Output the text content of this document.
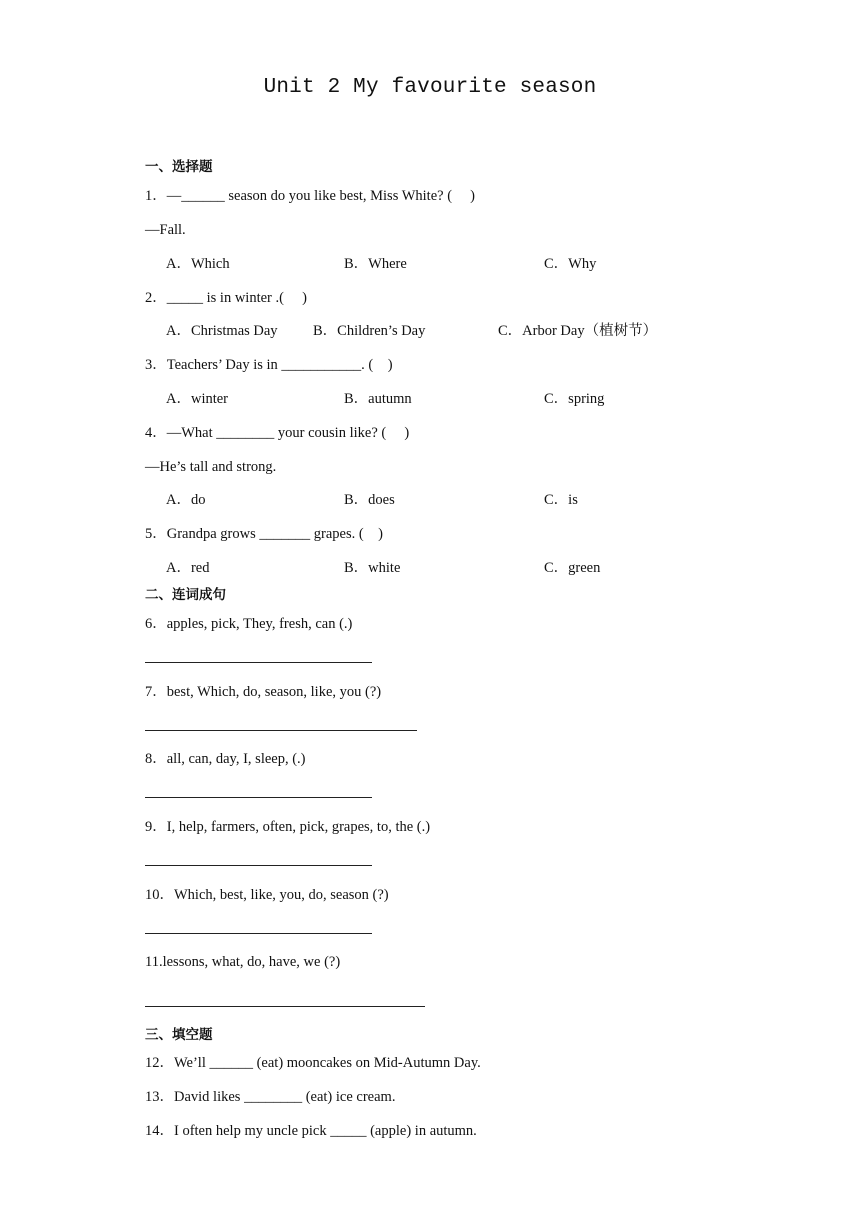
Unit 2 My favourite season
一、选择题
1．—______ season do you like best, Miss White? (　 )
—Fall.
A．Which	B．Where	C．Why
2．_____ is in winter .(　 )
A．Christmas Day B．Children’s Day	C．Arbor Day（植树节）
3．Teachers’ Day is in ___________. (　)
A．winter	B．autumn	C．spring
4．—What ________ your cousin like? (　 )
—He’s tall and strong.
A．do	B．does	C．is
5．Grandpa grows _______ grapes. (　)
A．red	B．white	C．green
二、连词成句
6．apples, pick, They, fresh, can (.)
7．best, Which, do, season, like, you (?)
8．all, can, day, I, sleep, (.)
9．I, help, farmers, often, pick, grapes, to, the (.)
10．Which, best, like, you, do, season (?)
11.lessons, what, do, have, we (?)
三、填空题
12．We’ll ______ (eat) mooncakes on Mid-Autumn Day.
13．David likes ________ (eat) ice cream.
14．I often help my uncle pick _____ (apple) in autumn.
